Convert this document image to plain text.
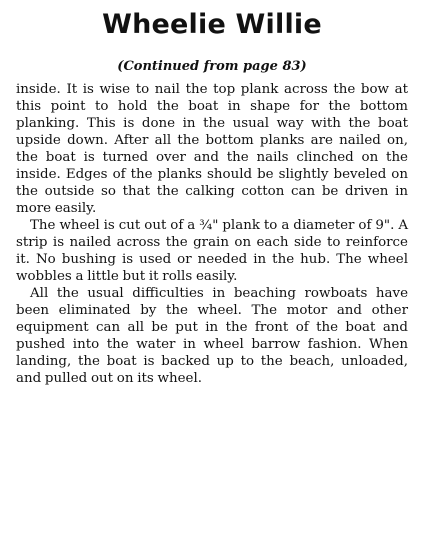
Wheelie Willie
(Continued from page 83)

inside. It is wise to nail the top plank across the bow at this point to hold the boat in shape for the bottom planking. This is done in the usual way with the boat upside down. After all the bottom planks are nailed on, the boat is turned over and the nails clinched on the inside. Edges of the planks should be slightly beveled on the outside so that the calking cotton can be driven in more easily.

The wheel is cut out of a ¾" plank to a diameter of 9". A strip is nailed across the grain on each side to reinforce it. No bushing is used or needed in the hub. The wheel wobbles a little but it rolls easily.

All the usual difficulties in beaching rowboats have been eliminated by the wheel. The motor and other equipment can all be put in the front of the boat and pushed into the water in wheel barrow fashion. When landing, the boat is backed up to the beach, unloaded, and pulled out on its wheel.
